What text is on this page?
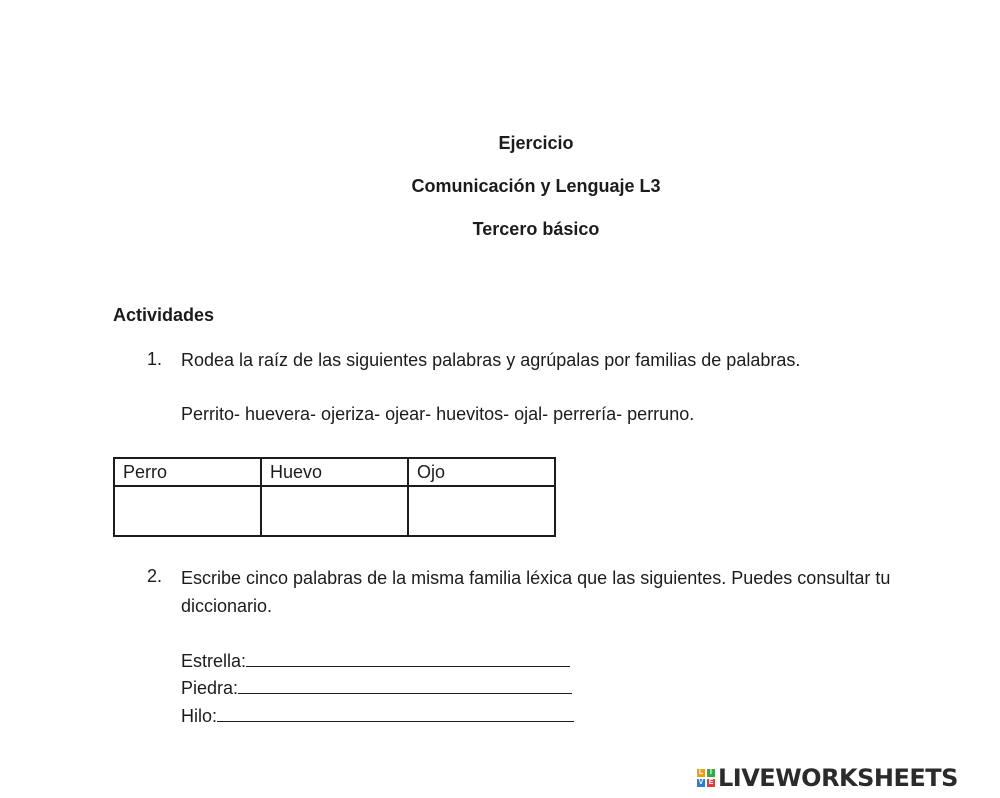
Ejercicio
Comunicación y Lenguaje L3
Tercero básico
Actividades
1. Rodea la raíz de las siguientes palabras y agrúpalas por familias de palabras.
Perrito- huevera- ojeriza- ojear- huevitos- ojal- perrería- perruno.
Perro	Huevo	Ojo

2. Escribe cinco palabras de la misma familia léxica que las siguientes. Puedes consultar tu diccionario.
Estrella:
Piedra:
Hilo:
L I
V E LIVEWORKSHEETS
